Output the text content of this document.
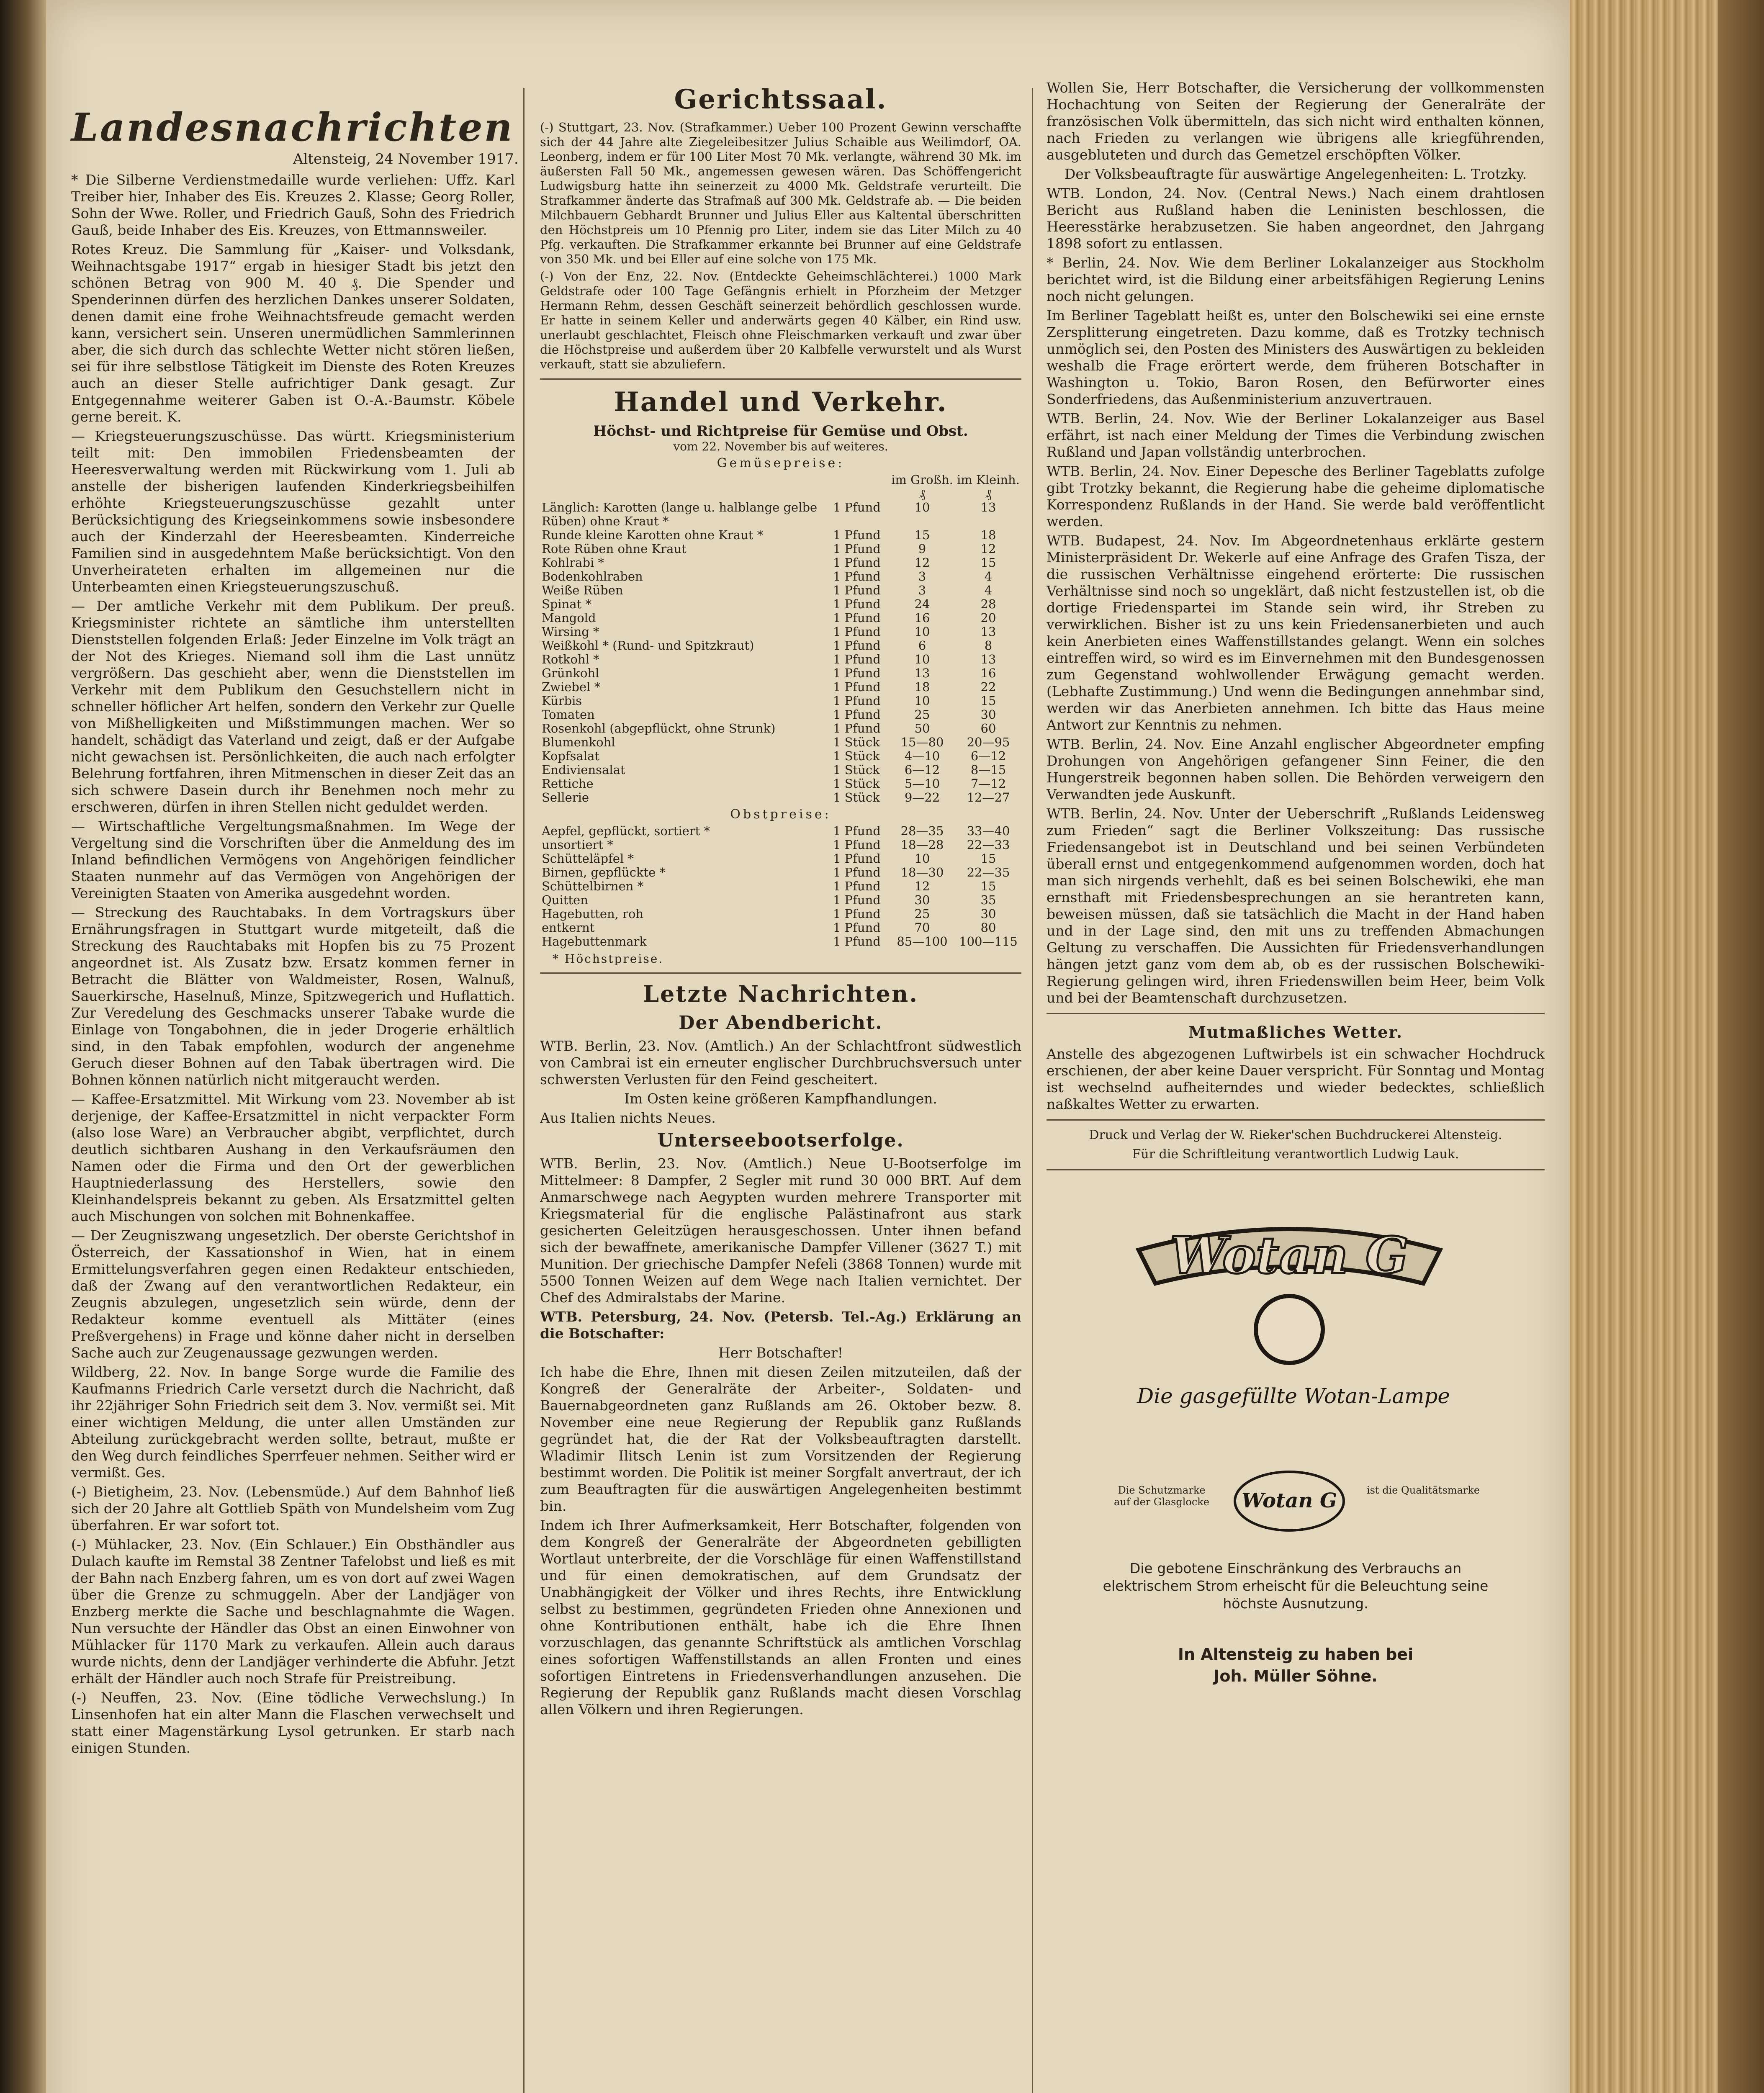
Landesnachrichten
Altensteig, 24 November 1917.

* Die Silberne Verdienstmedaille wurde verliehen: Uffz. Karl Treiber hier, Inhaber des Eis. Kreuzes 2. Klasse; Georg Roller, Sohn der Wwe. Roller, und Friedrich Gauß, Sohn des Friedrich Gauß, beide Inhaber des Eis. Kreuzes, von Ettmannsweiler.

Rotes Kreuz. Die Sammlung für „Kaiser- und Volksdank, Weihnachtsgabe 1917“ ergab in hiesiger Stadt bis jetzt den schönen Betrag von 900 M. 40 ₰. Die Spender und Spenderinnen dürfen des herzlichen Dankes unserer Soldaten, denen damit eine frohe Weihnachtsfreude gemacht werden kann, versichert sein. Unseren unermüdlichen Sammlerinnen aber, die sich durch das schlechte Wetter nicht stören ließen, sei für ihre selbstlose Tätigkeit im Dienste des Roten Kreuzes auch an dieser Stelle aufrichtiger Dank gesagt. Zur Entgegennahme weiterer Gaben ist O.-A.-Baumstr. Köbele gerne bereit. K.

— Kriegsteuerungszuschüsse. Das württ. Kriegsministerium teilt mit: Den immobilen Friedensbeamten der Heeresverwaltung werden mit Rückwirkung vom 1. Juli ab anstelle der bisherigen laufenden Kinderkriegsbeihilfen erhöhte Kriegsteuerungszuschüsse gezahlt unter Berücksichtigung des Kriegseinkommens sowie insbesondere auch der Kinderzahl der Heeresbeamten. Kinderreiche Familien sind in ausgedehntem Maße berücksichtigt. Von den Unverheirateten erhalten im allgemeinen nur die Unterbeamten einen Kriegsteuerungszuschuß.

— Der amtliche Verkehr mit dem Publikum. Der preuß. Kriegsminister richtete an sämtliche ihm unterstellten Dienststellen folgenden Erlaß: Jeder Einzelne im Volk trägt an der Not des Krieges. Niemand soll ihm die Last unnütz vergrößern. Das geschieht aber, wenn die Dienststellen im Verkehr mit dem Publikum den Gesuchstellern nicht in schneller höflicher Art helfen, sondern den Verkehr zur Quelle von Mißhelligkeiten und Mißstimmungen machen. Wer so handelt, schädigt das Vaterland und zeigt, daß er der Aufgabe nicht gewachsen ist. Persönlichkeiten, die auch nach erfolgter Belehrung fortfahren, ihren Mitmenschen in dieser Zeit das an sich schwere Dasein durch ihr Benehmen noch mehr zu erschweren, dürfen in ihren Stellen nicht geduldet werden.

— Wirtschaftliche Vergeltungsmaßnahmen. Im Wege der Vergeltung sind die Vorschriften über die Anmeldung des im Inland befindlichen Vermögens von Angehörigen feindlicher Staaten nunmehr auf das Vermögen von Angehörigen der Vereinigten Staaten von Amerika ausgedehnt worden.

— Streckung des Rauchtabaks. In dem Vortragskurs über Ernährungsfragen in Stuttgart wurde mitgeteilt, daß die Streckung des Rauchtabaks mit Hopfen bis zu 75 Prozent angeordnet ist. Als Zusatz bzw. Ersatz kommen ferner in Betracht die Blätter von Waldmeister, Rosen, Walnuß, Sauerkirsche, Haselnuß, Minze, Spitzwegerich und Huflattich. Zur Veredelung des Geschmacks unserer Tabake wurde die Einlage von Tongabohnen, die in jeder Drogerie erhältlich sind, in den Tabak empfohlen, wodurch der angenehme Geruch dieser Bohnen auf den Tabak übertragen wird. Die Bohnen können natürlich nicht mitgeraucht werden.

— Kaffee-Ersatzmittel. Mit Wirkung vom 23. November ab ist derjenige, der Kaffee-Ersatzmittel in nicht verpackter Form (also lose Ware) an Verbraucher abgibt, verpflichtet, durch deutlich sichtbaren Aushang in den Verkaufsräumen den Namen oder die Firma und den Ort der gewerblichen Hauptniederlassung des Herstellers, sowie den Kleinhandelspreis bekannt zu geben. Als Ersatzmittel gelten auch Mischungen von solchen mit Bohnenkaffee.

— Der Zeugniszwang ungesetzlich. Der oberste Gerichtshof in Österreich, der Kassationshof in Wien, hat in einem Ermittelungsverfahren gegen einen Redakteur entschieden, daß der Zwang auf den verantwortlichen Redakteur, ein Zeugnis abzulegen, ungesetzlich sein würde, denn der Redakteur komme eventuell als Mittäter (eines Preßvergehens) in Frage und könne daher nicht in derselben Sache auch zur Zeugenaussage gezwungen werden.

Wildberg, 22. Nov. In bange Sorge wurde die Familie des Kaufmanns Friedrich Carle versetzt durch die Nachricht, daß ihr 22jähriger Sohn Friedrich seit dem 3. Nov. vermißt sei. Mit einer wichtigen Meldung, die unter allen Umständen zur Abteilung zurückgebracht werden sollte, betraut, mußte er den Weg durch feindliches Sperrfeuer nehmen. Seither wird er vermißt. Ges.

(-) Bietigheim, 23. Nov. (Lebensmüde.) Auf dem Bahnhof ließ sich der 20 Jahre alt Gottlieb Späth von Mundelsheim vom Zug überfahren. Er war sofort tot.

(-) Mühlacker, 23. Nov. (Ein Schlauer.) Ein Obsthändler aus Dulach kaufte im Remstal 38 Zentner Tafelobst und ließ es mit der Bahn nach Enzberg fahren, um es von dort auf zwei Wagen über die Grenze zu schmuggeln. Aber der Landjäger von Enzberg merkte die Sache und beschlagnahmte die Wagen. Nun versuchte der Händler das Obst an einen Einwohner von Mühlacker für 1170 Mark zu verkaufen. Allein auch daraus wurde nichts, denn der Landjäger verhinderte die Abfuhr. Jetzt erhält der Händler auch noch Strafe für Preistreibung.

(-) Neuffen, 23. Nov. (Eine tödliche Verwechslung.) In Linsenhofen hat ein alter Mann die Flaschen verwechselt und statt einer Magenstärkung Lysol getrunken. Er starb nach einigen Stunden.

Gerichtssaal.

(-) Stuttgart, 23. Nov. (Strafkammer.) Ueber 100 Prozent Gewinn verschaffte sich der 44 Jahre alte Ziegeleibesitzer Julius Schaible aus Weilimdorf, OA. Leonberg, indem er für 100 Liter Most 70 Mk. verlangte, während 30 Mk. im äußersten Fall 50 Mk., angemessen gewesen wären. Das Schöffengericht Ludwigsburg hatte ihn seinerzeit zu 4000 Mk. Geldstrafe verurteilt. Die Strafkammer änderte das Strafmaß auf 300 Mk. Geldstrafe ab. — Die beiden Milchbauern Gebhardt Brunner und Julius Eller aus Kaltental überschritten den Höchstpreis um 10 Pfennig pro Liter, indem sie das Liter Milch zu 40 Pfg. verkauften. Die Strafkammer erkannte bei Brunner auf eine Geldstrafe von 350 Mk. und bei Eller auf eine solche von 175 Mk.

(-) Von der Enz, 22. Nov. (Entdeckte Geheimschlächterei.) 1000 Mark Geldstrafe oder 100 Tage Gefängnis erhielt in Pforzheim der Metzger Hermann Rehm, dessen Geschäft seinerzeit behördlich geschlossen wurde. Er hatte in seinem Keller und anderwärts gegen 40 Kälber, ein Rind usw. unerlaubt geschlachtet, Fleisch ohne Fleischmarken verkauft und zwar über die Höchstpreise und außerdem über 20 Kalbfelle verwurstelt und als Wurst verkauft, statt sie abzuliefern.

Handel und Verkehr.
Höchst- und Richtpreise für Gemüse und Obst.
vom 22. November bis auf weiteres.
Gemüsepreise:
		im Großh. ₰	im Kleinh. ₰
Länglich: Karotten (lange u. halblange gelbe Rüben) ohne Kraut *	1 Pfund	10	13
Runde kleine Karotten ohne Kraut *	1 Pfund	15	18
Rote Rüben ohne Kraut	1 Pfund	9	12
Kohlrabi *	1 Pfund	12	15
Bodenkohlraben	1 Pfund	3	4
Weiße Rüben	1 Pfund	3	4
Spinat *	1 Pfund	24	28
Mangold	1 Pfund	16	20
Wirsing *	1 Pfund	10	13
Weißkohl * (Rund- und Spitzkraut)	1 Pfund	6	8
Rotkohl *	1 Pfund	10	13
Grünkohl	1 Pfund	13	16
Zwiebel *	1 Pfund	18	22
Kürbis	1 Pfund	10	15
Tomaten	1 Pfund	25	30
Rosenkohl (abgepflückt, ohne Strunk)	1 Pfund	50	60
Blumenkohl	1 Stück	15—80	20—95
Kopfsalat	1 Stück	4—10	6—12
Endiviensalat	1 Stück	6—12	8—15
Rettiche	1 Stück	5—10	7—12
Sellerie	1 Stück	9—22	12—27
Obstpreise:
Aepfel, gepflückt, sortiert *	1 Pfund	28—35	33—40
unsortiert *	1 Pfund	18—28	22—33
Schütteläpfel *	1 Pfund	10	15
Birnen, gepflückte *	1 Pfund	18—30	22—35
Schüttelbirnen *	1 Pfund	12	15
Quitten	1 Pfund	30	35
Hagebutten, roh	1 Pfund	25	30
entkernt	1 Pfund	70	80
Hagebuttenmark	1 Pfund	85—100	100—115
* Höchstpreise.
Letzte Nachrichten.
Der Abendbericht.

WTB. Berlin, 23. Nov. (Amtlich.) An der Schlachtfront südwestlich von Cambrai ist ein erneuter englischer Durchbruchsversuch unter schwersten Verlusten für den Feind gescheitert.

Im Osten keine größeren Kampfhandlungen.

Aus Italien nichts Neues.

Unterseebootserfolge.

WTB. Berlin, 23. Nov. (Amtlich.) Neue U-Bootserfolge im Mittelmeer: 8 Dampfer, 2 Segler mit rund 30 000 BRT. Auf dem Anmarschwege nach Aegypten wurden mehrere Transporter mit Kriegsmaterial für die englische Palästinafront aus stark gesicherten Geleitzügen herausgeschossen. Unter ihnen befand sich der bewaffnete, amerikanische Dampfer Villener (3627 T.) mit Munition. Der griechische Dampfer Nefeli (3868 Tonnen) wurde mit 5500 Tonnen Weizen auf dem Wege nach Italien vernichtet. Der Chef des Admiralstabs der Marine.

WTB. Petersburg, 24. Nov. (Petersb. Tel.-Ag.) Erklärung an die Botschafter:

Herr Botschafter!

Ich habe die Ehre, Ihnen mit diesen Zeilen mitzuteilen, daß der Kongreß der Generalräte der Arbeiter-, Soldaten- und Bauernabgeordneten ganz Rußlands am 26. Oktober bezw. 8. November eine neue Regierung der Republik ganz Rußlands gegründet hat, die der Rat der Volksbeauftragten darstellt. Wladimir Ilitsch Lenin ist zum Vorsitzenden der Regierung bestimmt worden. Die Politik ist meiner Sorgfalt anvertraut, der ich zum Beauftragten für die auswärtigen Angelegenheiten bestimmt bin.

Indem ich Ihrer Aufmerksamkeit, Herr Botschafter, folgenden von dem Kongreß der Generalräte der Abgeordneten gebilligten Wortlaut unterbreite, der die Vorschläge für einen Waffenstillstand und für einen demokratischen, auf dem Grundsatz der Unabhängigkeit der Völker und ihres Rechts, ihre Entwicklung selbst zu bestimmen, gegründeten Frieden ohne Annexionen und ohne Kontributionen enthält, habe ich die Ehre Ihnen vorzuschlagen, das genannte Schriftstück als amtlichen Vorschlag eines sofortigen Waffenstillstands an allen Fronten und eines sofortigen Eintretens in Friedensverhandlungen anzusehen. Die Regierung der Republik ganz Rußlands macht diesen Vorschlag allen Völkern und ihren Regierungen.

Wollen Sie, Herr Botschafter, die Versicherung der vollkommensten Hochachtung von Seiten der Regierung der Generalräte der französischen Volk übermitteln, das sich nicht wird enthalten können, nach Frieden zu verlangen wie übrigens alle kriegführenden, ausgebluteten und durch das Gemetzel erschöpften Völker.

Der Volksbeauftragte für auswärtige Angelegenheiten: L. Trotzky.

WTB. London, 24. Nov. (Central News.) Nach einem drahtlosen Bericht aus Rußland haben die Leninisten beschlossen, die Heeresstärke herabzusetzen. Sie haben angeordnet, den Jahrgang 1898 sofort zu entlassen.

* Berlin, 24. Nov. Wie dem Berliner Lokalanzeiger aus Stockholm berichtet wird, ist die Bildung einer arbeitsfähigen Regierung Lenins noch nicht gelungen.

Im Berliner Tageblatt heißt es, unter den Bolschewiki sei eine ernste Zersplitterung eingetreten. Dazu komme, daß es Trotzky technisch unmöglich sei, den Posten des Ministers des Auswärtigen zu bekleiden weshalb die Frage erörtert werde, dem früheren Botschafter in Washington u. Tokio, Baron Rosen, den Befürworter eines Sonderfriedens, das Außenministerium anzuvertrauen.

WTB. Berlin, 24. Nov. Wie der Berliner Lokalanzeiger aus Basel erfährt, ist nach einer Meldung der Times die Verbindung zwischen Rußland und Japan vollständig unterbrochen.

WTB. Berlin, 24. Nov. Einer Depesche des Berliner Tageblatts zufolge gibt Trotzky bekannt, die Regierung habe die geheime diplomatische Korrespondenz Rußlands in der Hand. Sie werde bald veröffentlicht werden.

WTB. Budapest, 24. Nov. Im Abgeordnetenhaus erklärte gestern Ministerpräsident Dr. Wekerle auf eine Anfrage des Grafen Tisza, der die russischen Verhältnisse eingehend erörterte: Die russischen Verhältnisse sind noch so ungeklärt, daß nicht festzustellen ist, ob die dortige Friedenspartei im Stande sein wird, ihr Streben zu verwirklichen. Bisher ist zu uns kein Friedensanerbieten und auch kein Anerbieten eines Waffenstillstandes gelangt. Wenn ein solches eintreffen wird, so wird es im Einvernehmen mit den Bundesgenossen zum Gegenstand wohlwollender Erwägung gemacht werden. (Lebhafte Zustimmung.) Und wenn die Bedingungen annehmbar sind, werden wir das Anerbieten annehmen. Ich bitte das Haus meine Antwort zur Kenntnis zu nehmen.

WTB. Berlin, 24. Nov. Eine Anzahl englischer Abgeordneter empfing Drohungen von Angehörigen gefangener Sinn Feiner, die den Hungerstreik begonnen haben sollen. Die Behörden verweigern den Verwandten jede Auskunft.

WTB. Berlin, 24. Nov. Unter der Ueberschrift „Rußlands Leidensweg zum Frieden“ sagt die Berliner Volkszeitung: Das russische Friedensangebot ist in Deutschland und bei seinen Verbündeten überall ernst und entgegenkommend aufgenommen worden, doch hat man sich nirgends verhehlt, daß es bei seinen Bolschewiki, ehe man ernsthaft mit Friedensbesprechungen an sie herantreten kann, beweisen müssen, daß sie tatsächlich die Macht in der Hand haben und in der Lage sind, den mit uns zu treffenden Abmachungen Geltung zu verschaffen. Die Aussichten für Friedensverhandlungen hängen jetzt ganz vom dem ab, ob es der russischen Bolschewiki-Regierung gelingen wird, ihren Friedenswillen beim Heer, beim Volk und bei der Beamtenschaft durchzusetzen.

Mutmaßliches Wetter.

Anstelle des abgezogenen Luftwirbels ist ein schwacher Hochdruck erschienen, der aber keine Dauer verspricht. Für Sonntag und Montag ist wechselnd aufheiterndes und wieder bedecktes, schließlich naßkaltes Wetter zu erwarten.

Druck und Verlag der W. Rieker'schen Buchdruckerei Altensteig.
Für die Schriftleitung verantwortlich Ludwig Lauk.
Wotan G
Die gasgefüllte Wotan-Lampe
Die Schutzmarke auf der Glasglocke Wotan G	ist die Qualitätsmarke
Die gebotene Einschränkung des Verbrauchs an elektrischem Strom erheischt für die Beleuchtung seine höchste Ausnutzung.
In Altensteig zu haben bei
Joh. Müller Söhne.
